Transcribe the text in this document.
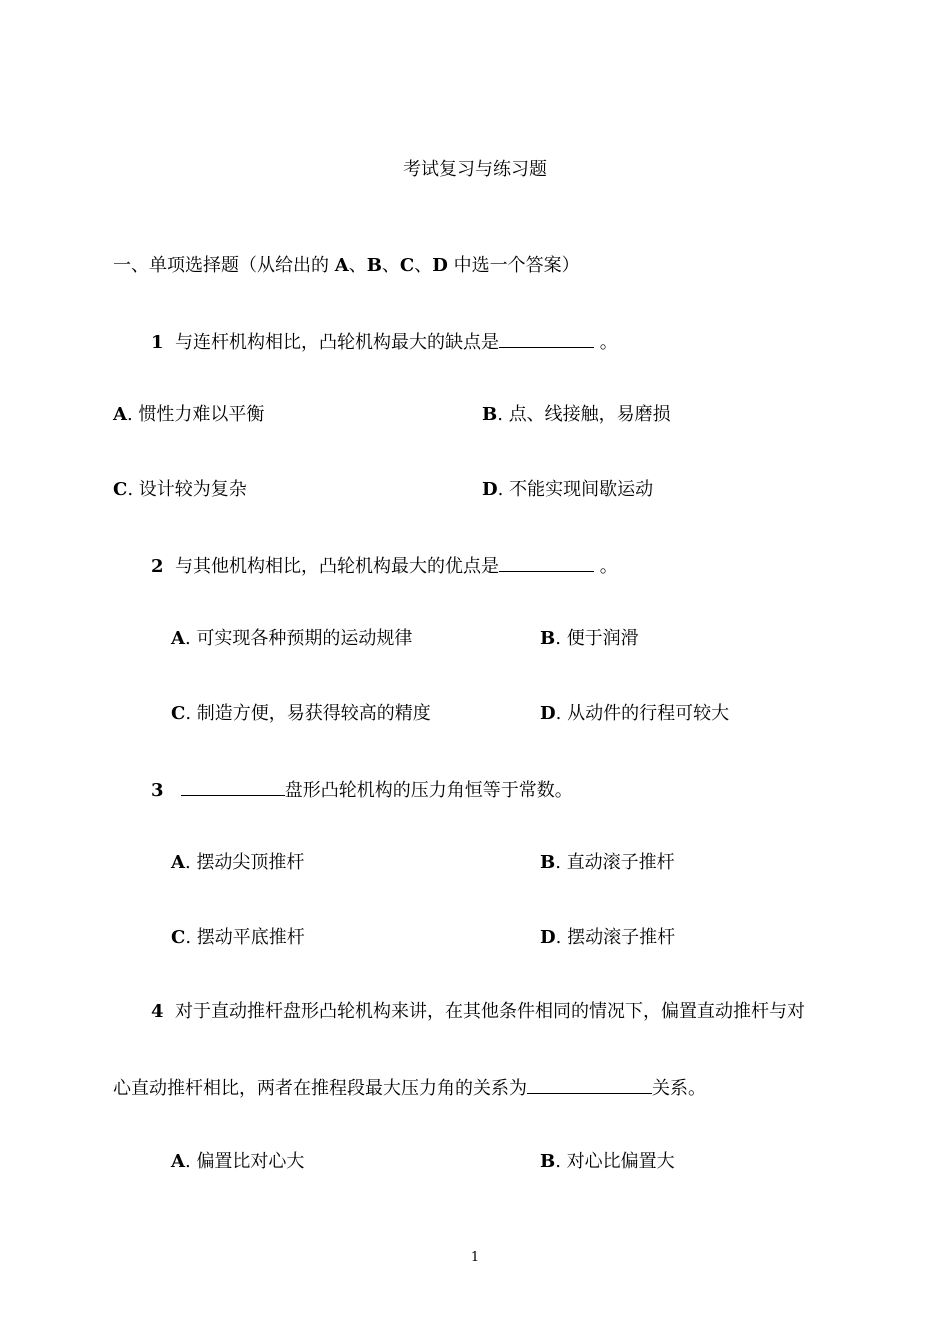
考试复习与练习题
一、单项选择题（从给出的 A、B、C、D 中选一个答案）
1 与连杆机构相比，凸轮机构最大的缺点是	。
A. 惯性力难以平衡	B. 点、线接触，易磨损
C. 设计较为复杂	D. 不能实现间歇运动
2 与其他机构相比，凸轮机构最大的优点是	。
A. 可实现各种预期的运动规律	B. 便于润滑
C. 制造方便，易获得较高的精度	D. 从动件的行程可较大
3	盘形凸轮机构的压力角恒等于常数。
A. 摆动尖顶推杆	B. 直动滚子推杆
C. 摆动平底推杆	D. 摆动滚子推杆
4 对于直动推杆盘形凸轮机构来讲，在其他条件相同的情况下，偏置直动推杆与对
心直动推杆相比，两者在推程段最大压力角的关系为	关系。
A. 偏置比对心大	B. 对心比偏置大
1
